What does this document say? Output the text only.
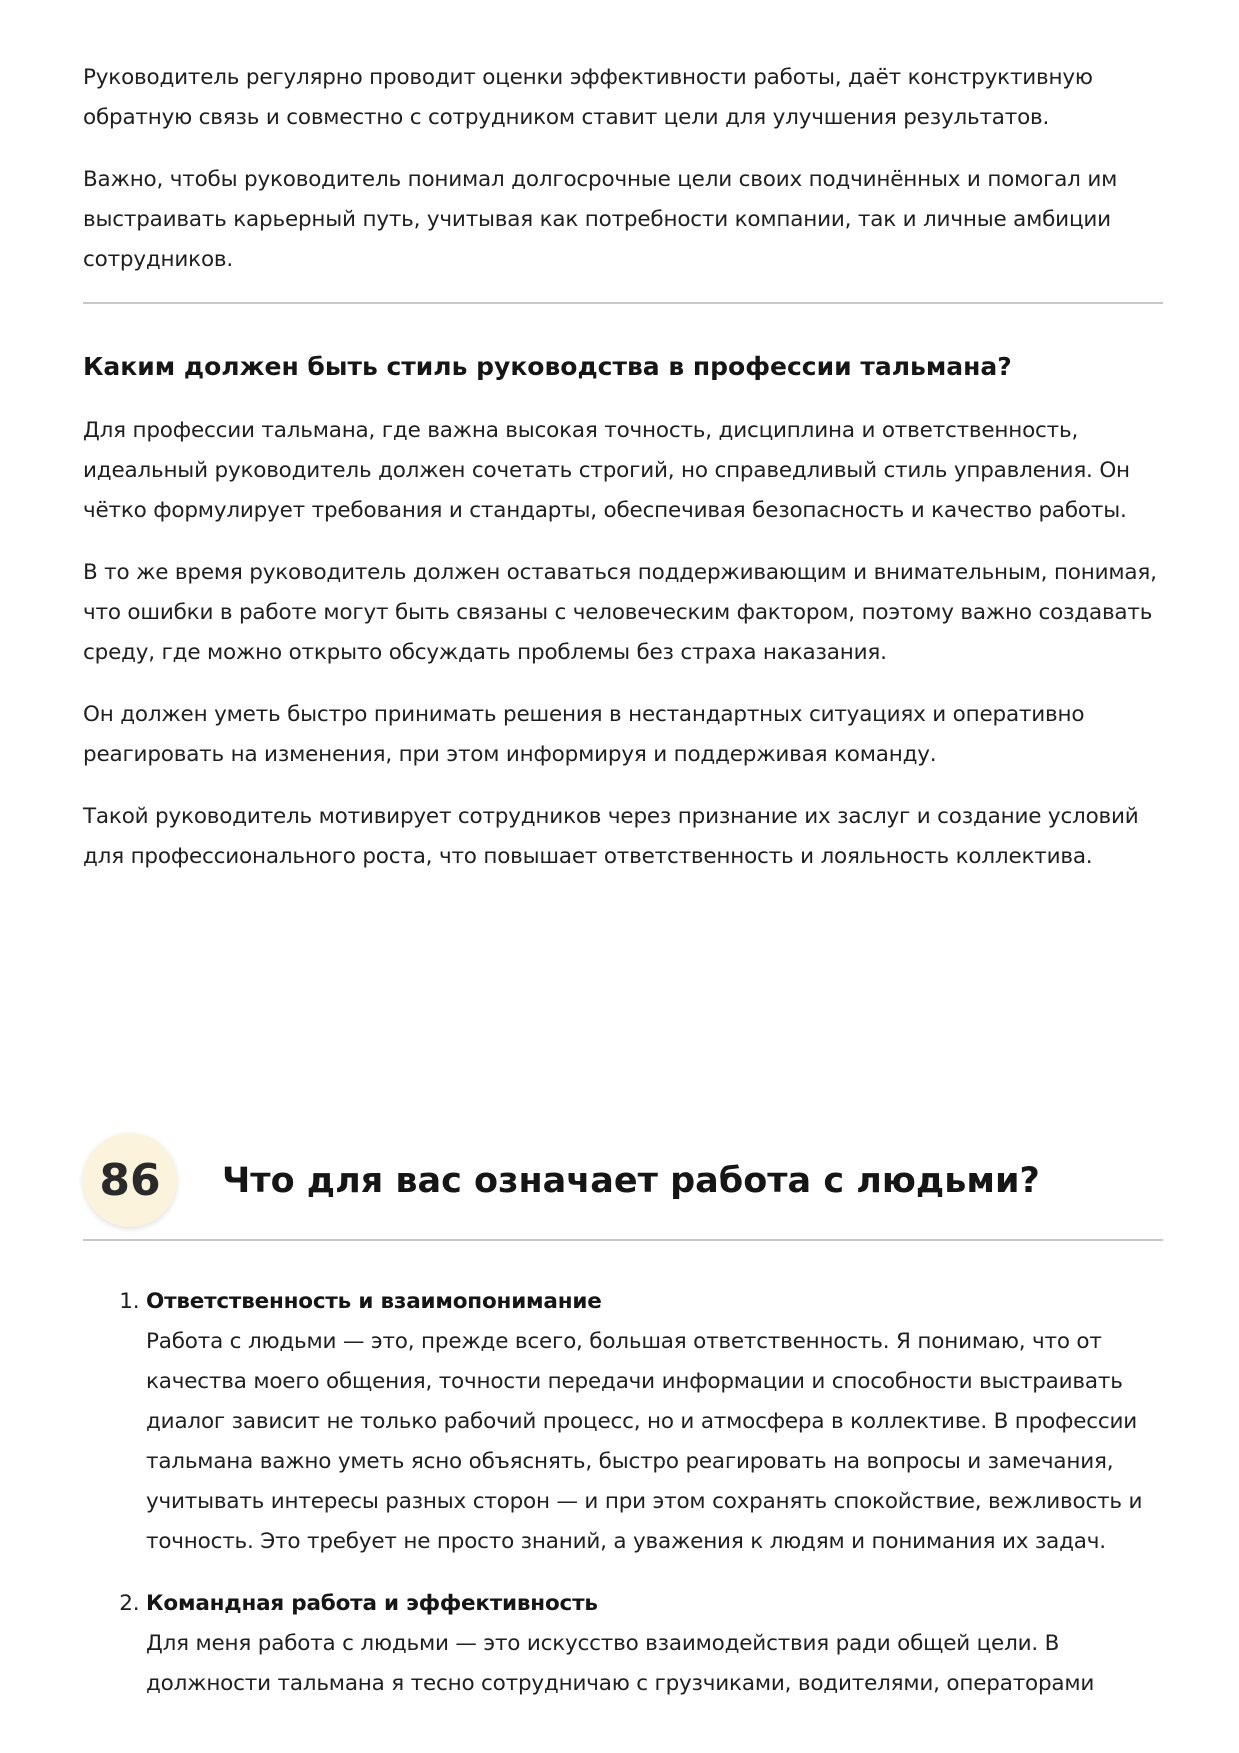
Руководитель регулярно проводит оценки эффективности работы, даёт конструктивную обратную связь и совместно с сотрудником ставит цели для улучшения результатов.

Важно, чтобы руководитель понимал долгосрочные цели своих подчинённых и помогал им выстраивать карьерный путь, учитывая как потребности компании, так и личные амбиции сотрудников.

Каким должен быть стиль руководства в профессии тальмана?

Для профессии тальмана, где важна высокая точность, дисциплина и ответственность, идеальный руководитель должен сочетать строгий, но справедливый стиль управления. Он чётко формулирует требования и стандарты, обеспечивая безопасность и качество работы.

В то же время руководитель должен оставаться поддерживающим и внимательным, понимая, что ошибки в работе могут быть связаны с человеческим фактором, поэтому важно создавать среду, где можно открыто обсуждать проблемы без страха наказания.

Он должен уметь быстро принимать решения в нестандартных ситуациях и оперативно реагировать на изменения, при этом информируя и поддерживая команду.

Такой руководитель мотивирует сотрудников через признание их заслуг и создание условий для профессионального роста, что повышает ответственность и лояльность коллектива.

86	Что для вас означает работа с людьми?
1. Ответственность и взаимопонимание
Работа с людьми — это, прежде всего, большая ответственность. Я понимаю, что от качества моего общения, точности передачи информации и способности выстраивать диалог зависит не только рабочий процесс, но и атмосфера в коллективе. В профессии тальмана важно уметь ясно объяснять, быстро реагировать на вопросы и замечания, учитывать интересы разных сторон — и при этом сохранять спокойствие, вежливость и точность. Это требует не просто знаний, а уважения к людям и понимания их задач.
2. Командная работа и эффективность
Для меня работа с людьми — это искусство взаимодействия ради общей цели. В должности тальмана я тесно сотрудничаю с грузчиками, водителями, операторами
